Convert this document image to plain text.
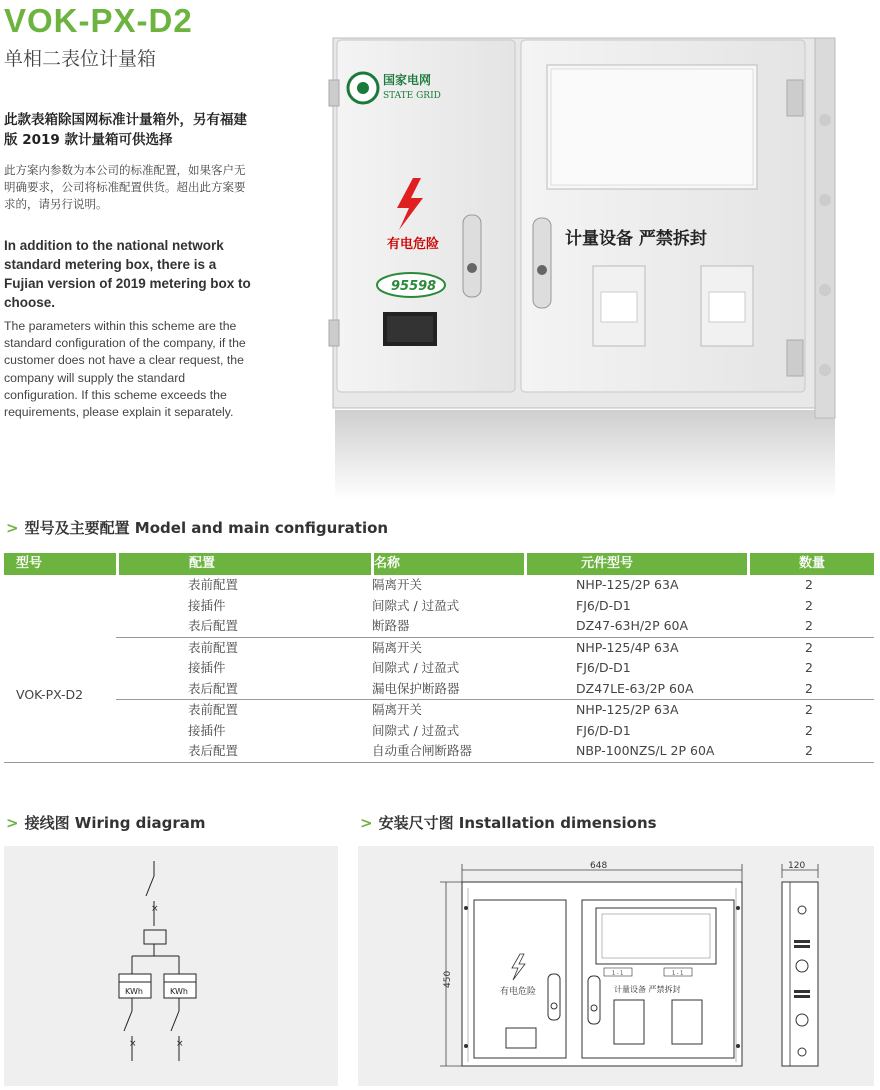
VOK-PX-D2
单相二表位计量箱
此款表箱除国网标准计量箱外，另有福建版 2019 款计量箱可供选择
此方案内参数为本公司的标准配置，如果客户无明确要求，公司将标准配置供货。超出此方案要求的，请另行说明。
In addition to the national network standard metering box, there is a Fujian version of 2019 metering box to choose.
The parameters within this scheme are the standard configuration of the company, if the customer does not have a clear request, the company will supply the standard configuration. If this scheme exceeds the requirements, please explain it separately.
国家电网
STATE GRID
有电危险
95598
计量设备 严禁拆封
> 型号及主要配置 Model and main configuration
型号	配置	名称	元件型号	数量
VOK-PX-D2
表前配置	隔离开关	NHP-125/2P 63A	2
接插件	间隙式 / 过盈式	FJ6/D-D1	2
表后配置	断路器	DZ47-63H/2P 60A	2
表前配置	隔离开关	NHP-125/4P 63A	2
接插件	间隙式 / 过盈式	FJ6/D-D1	2
表后配置	漏电保护断路器	DZ47LE-63/2P 60A	2
表前配置	隔离开关	NHP-125/2P 63A	2
接插件	间隙式 / 过盈式	FJ6/D-D1	2
表后配置	自动重合闸断路器	NBP-100NZS/L 2P 60A	2
> 接线图 Wiring diagram
×
KWh	KWh
×	×
> 安装尺寸图 Installation dimensions
648
450
有电危险
1 - 1	1 - 1
计量设备 严禁拆封
120
